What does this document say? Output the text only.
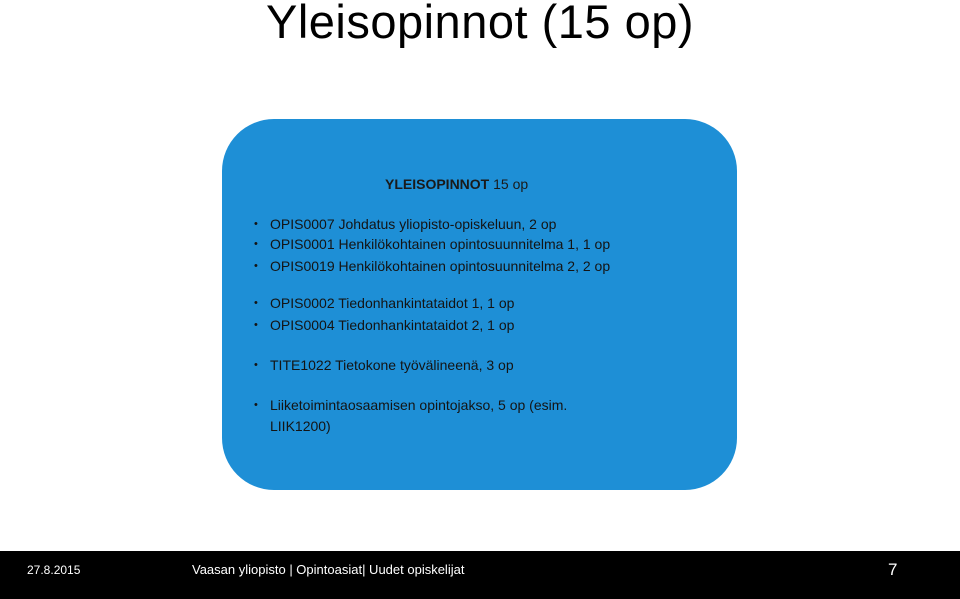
Yleisopinnot (15 op)
YLEISOPINNOT 15 op
• OPIS0007 Johdatus yliopisto-opiskeluun, 2 op
• OPIS0001 Henkilökohtainen opintosuunnitelma 1, 1 op
• OPIS0019 Henkilökohtainen opintosuunnitelma 2, 2 op
• OPIS0002 Tiedonhankintataidot 1, 1 op
• OPIS0004 Tiedonhankintataidot 2, 1 op
• TITE1022 Tietokone työvälineenä, 3 op
• Liiketoimintaosaamisen opintojakso, 5 op (esim.
LIIK1200)
27.8.2015	Vaasan yliopisto | Opintoasiat| Uudet opiskelijat	7
